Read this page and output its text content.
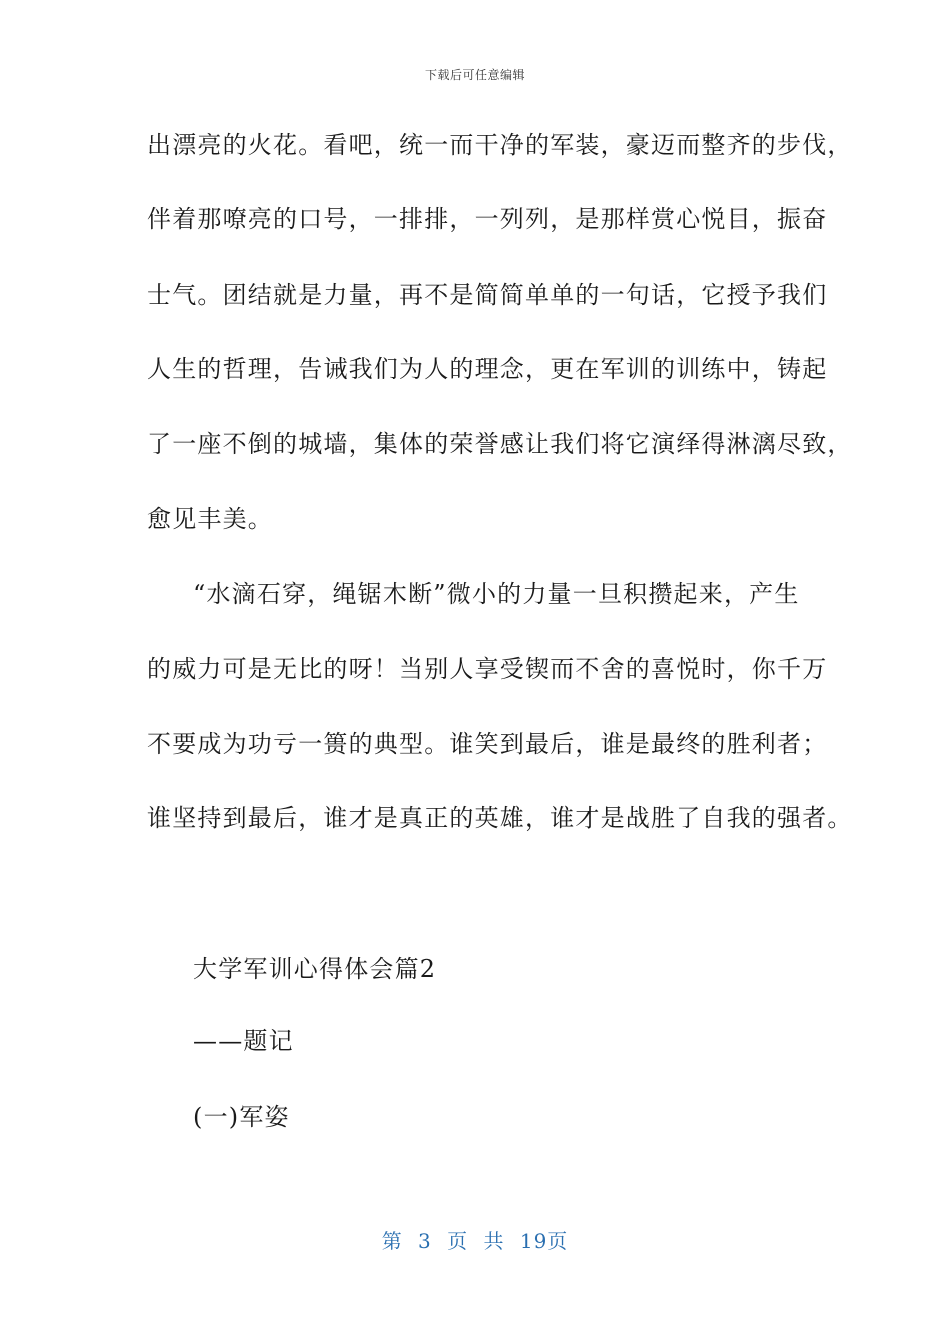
下载后可任意编辑
出漂亮的火花。看吧，统一而干净的军装，豪迈而整齐的步伐，
伴着那嘹亮的口号，一排排，一列列，是那样赏心悦目，振奋
士气。团结就是力量，再不是简简单单的一句话，它授予我们
人生的哲理，告诫我们为人的理念，更在军训的训练中，铸起
了一座不倒的城墙，集体的荣誉感让我们将它演绎得淋漓尽致，
愈见丰美。
“水滴石穿，绳锯木断”微小的力量一旦积攒起来，产生
的威力可是无比的呀！当别人享受锲而不舍的喜悦时，你千万
不要成为功亏一篑的典型。谁笑到最后，谁是最终的胜利者；
谁坚持到最后，谁才是真正的英雄，谁才是战胜了自我的强者。
大学军训心得体会篇2
——题记
(一)军姿
第 3 页 共 19页
